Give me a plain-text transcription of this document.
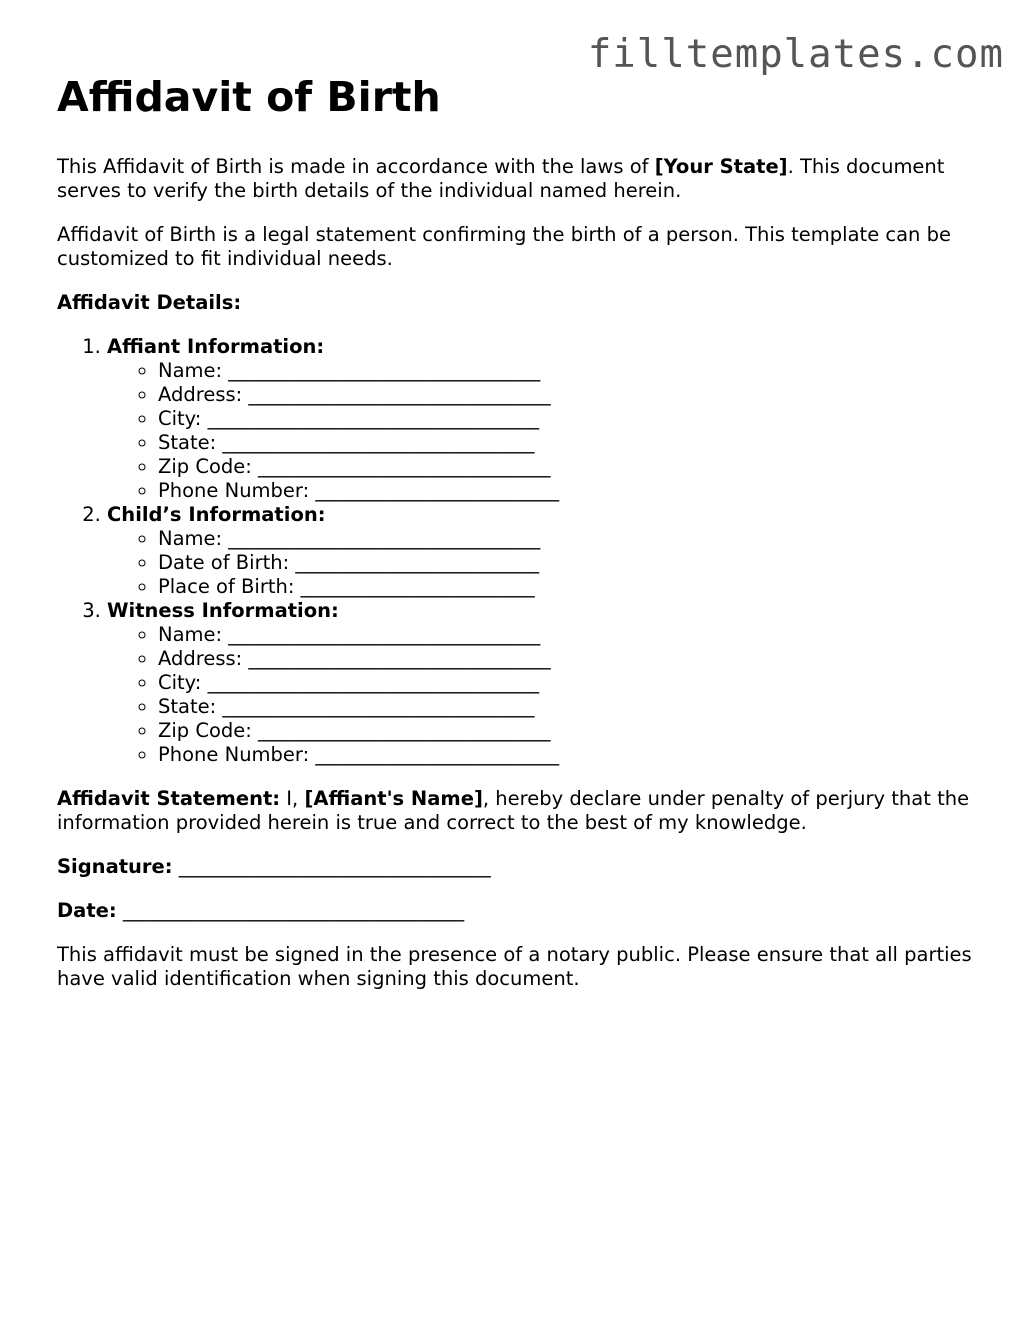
filltemplates.com
Affidavit of Birth

This Affidavit of Birth is made in accordance with the laws of [Your State]. This document serves to verify the birth details of the individual named herein.

Affidavit of Birth is a legal statement confirming the birth of a person. This template can be customized to fit individual needs.

Affidavit Details:

1. Affiant Information:
◦ Name: ________________________________
◦ Address: _______________________________
◦ City: __________________________________
◦ State: ________________________________
◦ Zip Code: ______________________________
◦ Phone Number: _________________________
2. Child’s Information:
◦ Name: ________________________________
◦ Date of Birth: _________________________
◦ Place of Birth: ________________________
3. Witness Information:
◦ Name: ________________________________
◦ Address: _______________________________
◦ City: __________________________________
◦ State: ________________________________
◦ Zip Code: ______________________________
◦ Phone Number: _________________________

Affidavit Statement: I, [Affiant's Name], hereby declare under penalty of perjury that the information provided herein is true and correct to the best of my knowledge.

Signature: ________________________________

Date: ___________________________________

This affidavit must be signed in the presence of a notary public. Please ensure that all parties have valid identification when signing this document.
